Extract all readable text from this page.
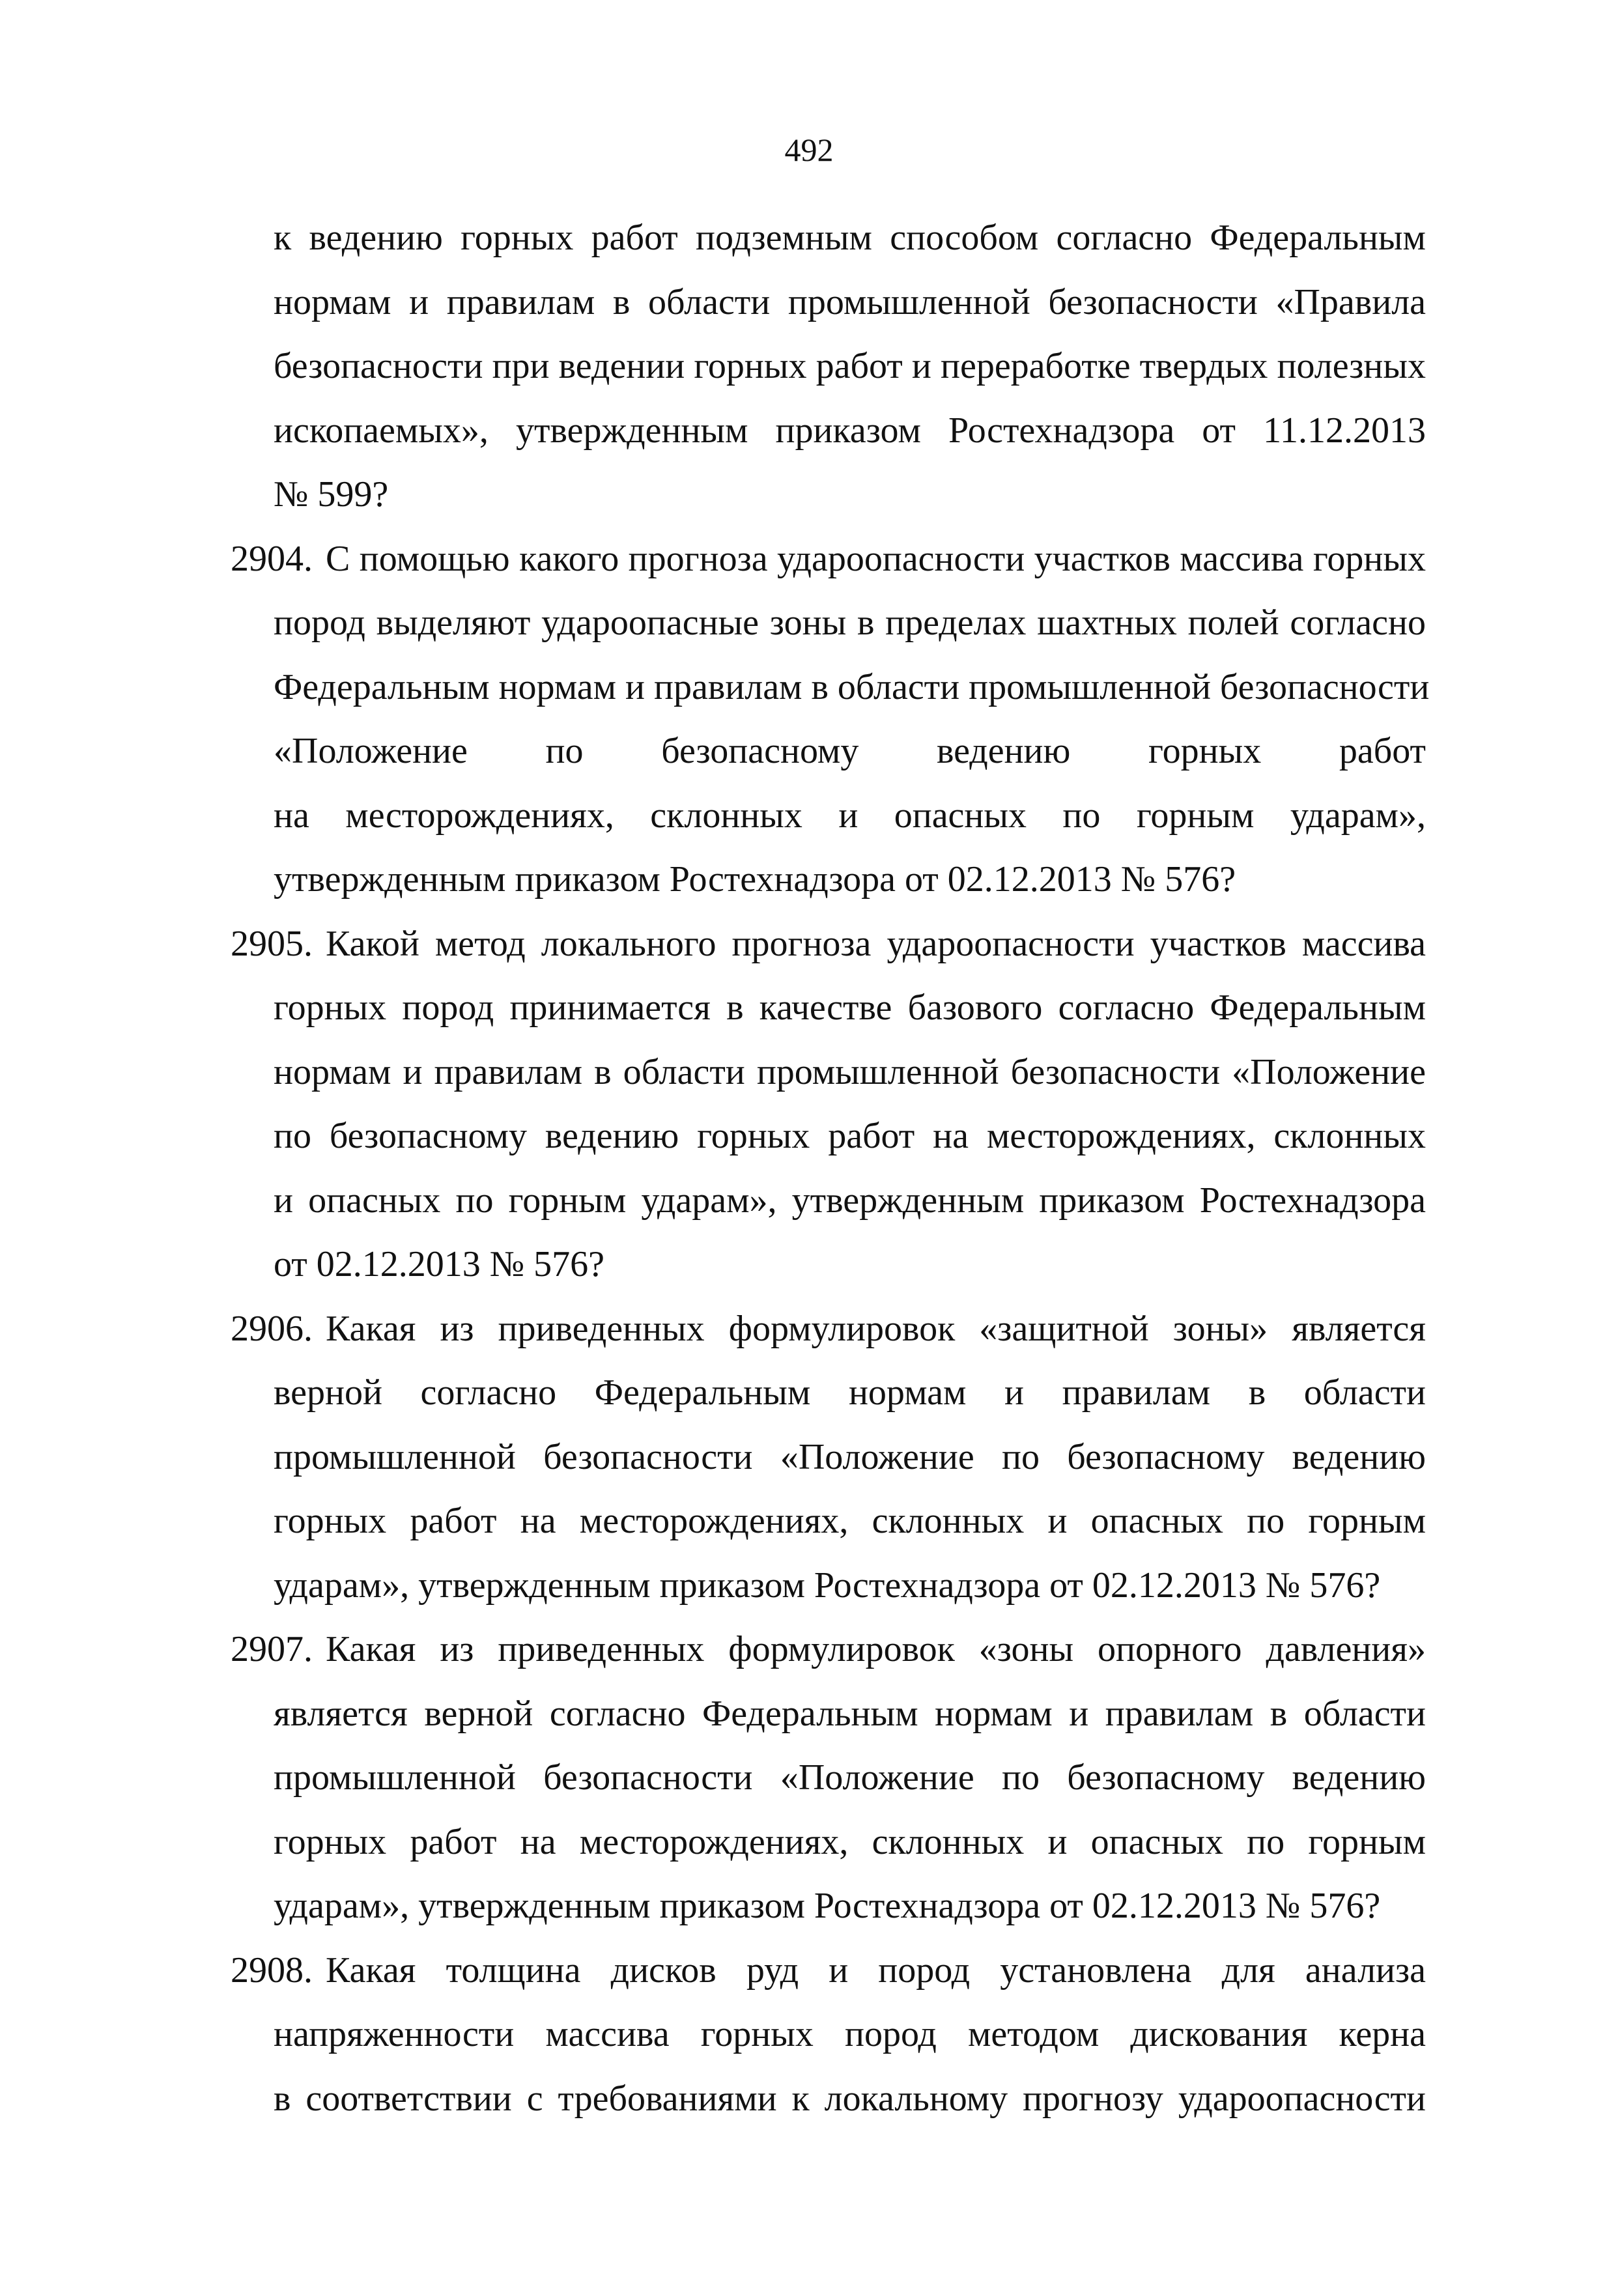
492
к ведению горных работ подземным способом согласно Федеральным
нормам и правилам в области промышленной безопасности «Правила
безопасности при ведении горных работ и переработке твердых полезных
ископаемых», утвержденным приказом Ростехнадзора от 11.12.2013
№ 599?
2904. С помощью какого прогноза удароопасности участков массива горных
пород выделяют удароопасные зоны в пределах шахтных полей согласно
Федеральным нормам и правилам в области промышленной безопасности
«Положение по безопасному ведению горных работ
на месторождениях, склонных и опасных по горным ударам»,
утвержденным приказом Ростехнадзора от 02.12.2013 № 576?
2905. Какой метод локального прогноза удароопасности участков массива
горных пород принимается в качестве базового согласно Федеральным
нормам и правилам в области промышленной безопасности «Положение
по безопасному ведению горных работ на месторождениях, склонных
и опасных по горным ударам», утвержденным приказом Ростехнадзора
от 02.12.2013 № 576?
2906. Какая из приведенных формулировок «защитной зоны» является
верной согласно Федеральным нормам и правилам в области
промышленной безопасности «Положение по безопасному ведению
горных работ на месторождениях, склонных и опасных по горным
ударам», утвержденным приказом Ростехнадзора от 02.12.2013 № 576?
2907. Какая из приведенных формулировок «зоны опорного давления»
является верной согласно Федеральным нормам и правилам в области
промышленной безопасности «Положение по безопасному ведению
горных работ на месторождениях, склонных и опасных по горным
ударам», утвержденным приказом Ростехнадзора от 02.12.2013 № 576?
2908. Какая толщина дисков руд и пород установлена для анализа
напряженности массива горных пород методом дискования керна
в соответствии с требованиями к локальному прогнозу удароопасности
